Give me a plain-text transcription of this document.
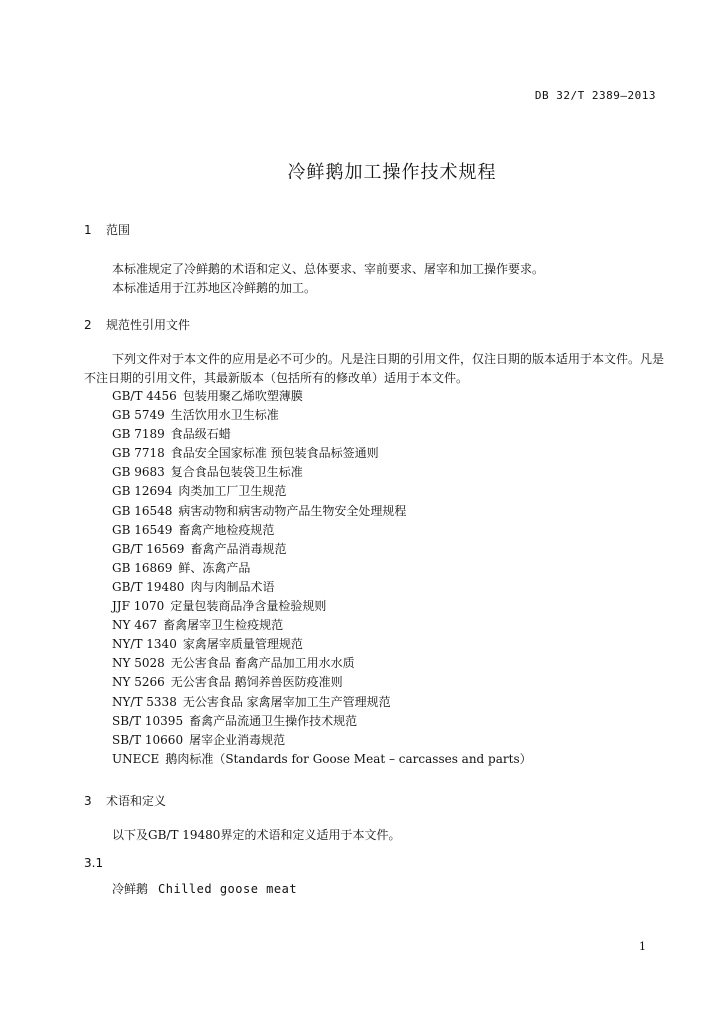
DB 32/T 2389—2013
冷鲜鹅加工操作技术规程
1 范围
本标准规定了冷鲜鹅的术语和定义、总体要求、宰前要求、屠宰和加工操作要求。
本标准适用于江苏地区冷鲜鹅的加工。
2 规范性引用文件
下列文件对于本文件的应用是必不可少的。凡是注日期的引用文件，仅注日期的版本适用于本文件。凡是不注日期的引用文件，其最新版本（包括所有的修改单）适用于本文件。
GB/T 4456 包装用聚乙烯吹塑薄膜
GB 5749 生活饮用水卫生标准
GB 7189 食品级石蜡
GB 7718 食品安全国家标准 预包装食品标签通则
GB 9683 复合食品包装袋卫生标准
GB 12694 肉类加工厂卫生规范
GB 16548 病害动物和病害动物产品生物安全处理规程
GB 16549 畜禽产地检疫规范
GB/T 16569 畜禽产品消毒规范
GB 16869 鲜、冻禽产品
GB/T 19480 肉与肉制品术语
JJF 1070 定量包装商品净含量检验规则
NY 467 畜禽屠宰卫生检疫规范
NY/T 1340 家禽屠宰质量管理规范
NY 5028 无公害食品 畜禽产品加工用水水质
NY 5266 无公害食品 鹅饲养兽医防疫准则
NY/T 5338 无公害食品 家禽屠宰加工生产管理规范
SB/T 10395 畜禽产品流通卫生操作技术规范
SB/T 10660 屠宰企业消毒规范
UNECE 鹅肉标准（Standards for Goose Meat – carcasses and parts）
3 术语和定义
以下及GB/T 19480界定的术语和定义适用于本文件。
3.1
冷鲜鹅 Chilled goose meat
1
